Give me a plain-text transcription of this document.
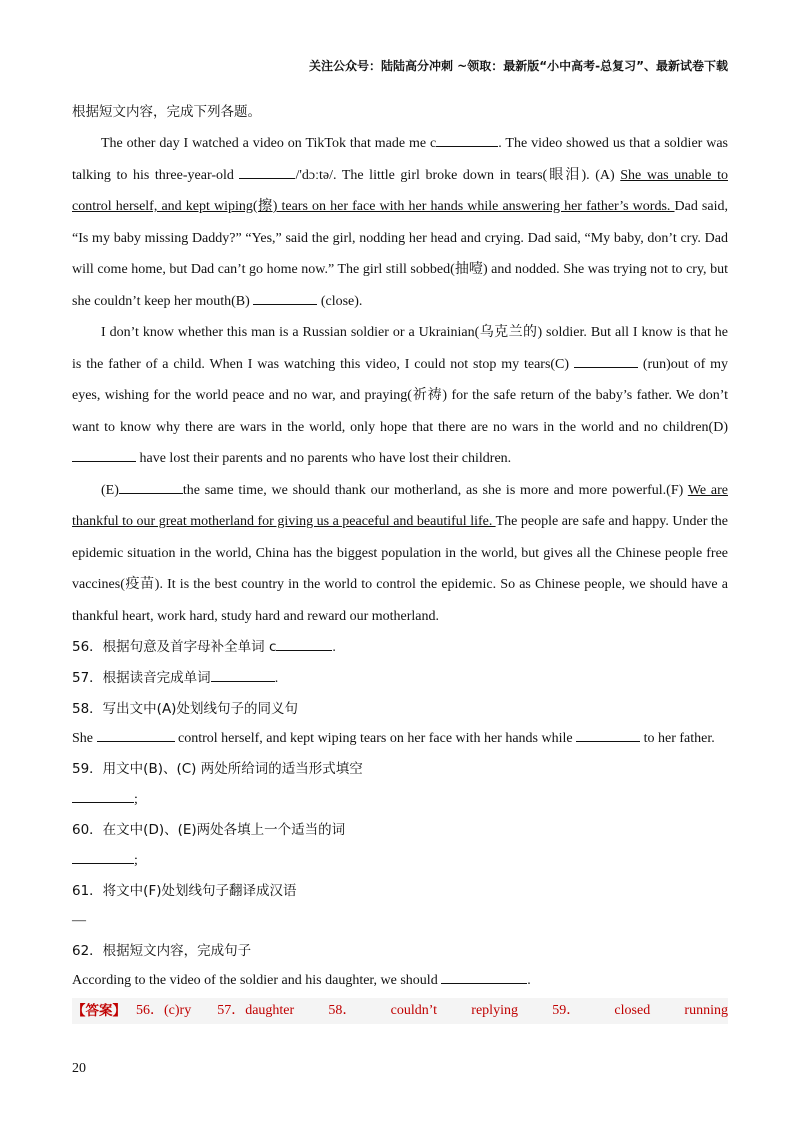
关注公众号：陆陆高分冲刺 ~领取：最新版“小中高考-总复习”、最新试卷下载
根据短文内容，完成下列各题。
The other day I watched a video on TikTok that made me c	. The video showed us that a soldier was talking to his three-year-old	/'dɔːtə/. The little girl broke down in tears(眼泪). (A) She was unable to control herself, and kept wiping(擦) tears on her face with her hands while answering her father’s words. Dad said, “Is my baby missing Daddy?” “Yes,” said the girl, nodding her head and crying. Dad said, “My baby, don’t cry. Dad will come home, but Dad can’t go home now.” The girl still sobbed(抽噎) and nodded. She was trying not to cry, but she couldn’t keep her mouth(B)	(close).
I don’t know whether this man is a Russian soldier or a Ukrainian(乌克兰的) soldier. But all I know is that he is the father of a child. When I was watching this video, I could not stop my tears(C)	(run)out of my eyes, wishing for the world peace and no war, and praying(祈祷) for the safe return of the baby’s father. We don’t want to know why there are wars in the world, only hope that there are no wars in the world and no children(D)  have lost their parents and no parents who have lost their children.
(E)	the same time, we should thank our motherland, as she is more and more powerful.(F) We are thankful to our great motherland for giving us a peaceful and beautiful life. The people are safe and happy. Under the epidemic situation in the world, China has the biggest population in the world, but gives all the Chinese people free vaccines(疫苗). It is the best country in the world to control the epidemic. So as Chinese people, we should have a thankful heart, work hard, study hard and reward our motherland.
56．根据句意及首字母补全单词 c	.
57．根据读音完成单词	.
58．写出文中(A)处划线句子的同义句
She	control herself, and kept wiping tears on her face with her hands while	to her father.
59．用文中(B)、(C) 两处所给词的适当形式填空
;
60．在文中(D)、(E)两处各填上一个适当的词
;
61．将文中(F)处划线句子翻译成汉语
—
62．根据短文内容，完成句子
According to the video of the soldier and his daughter, we should	.
【答案】 56．(c)ry 57．daughter 58． couldn’t replying 59． closed running
20
